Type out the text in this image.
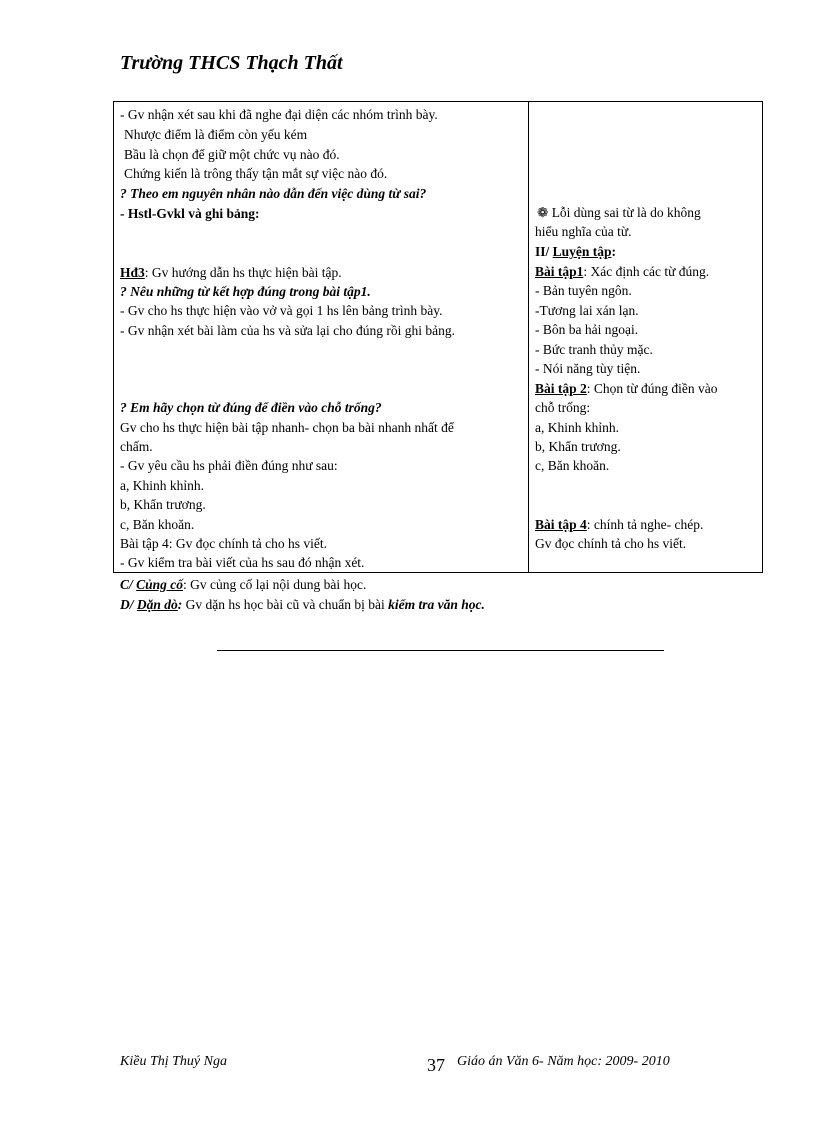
Trường THCS Thạch Thất
- Gv nhận xét sau khi đã nghe đại diện các nhóm trình bày.
Nhược điểm là điểm còn yếu kém
Bầu là chọn để giữ một chức vụ nào đó.
Chứng kiến là trông thấy tận mắt sự việc nào đó.
? Theo em nguyên nhân nào dẫn đến việc dùng từ sai?
- Hstl-Gvkl và ghi bảng:
Hđ3: Gv hướng dẫn hs thực hiện bài tập.
? Nêu những từ kết hợp đúng trong bài tập1.
- Gv cho hs thực hiện vào vở và gọi 1 hs lên bảng trình bày.
- Gv nhận xét bài làm của hs và sửa lại cho đúng rồi ghi bảng.
? Em hãy chọn từ đúng để điền vào chỗ trống?
Gv cho hs thực hiện bài tập nhanh- chọn ba bài nhanh nhất để
chấm.
- Gv yêu cầu hs phải điền đúng như sau:
a, Khinh khỉnh.
b, Khẩn trương.
c, Băn khoăn.
Bài tập 4: Gv đọc chính tả cho hs viết.
- Gv kiểm tra bài viết của hs sau đó nhận xét.
❁ Lỗi dùng sai từ là do không
hiểu nghĩa của từ.
II/ Luyện tập:
Bài tập1: Xác định các từ đúng.
- Bản tuyên ngôn.
-Tương lai xán lạn.
- Bôn ba hải ngoại.
- Bức tranh thủy mặc.
- Nói năng tùy tiện.
Bài tập 2: Chọn từ đúng điền vào
chỗ trống:
a, Khinh khỉnh.
b, Khẩn trương.
c, Băn khoăn.
Bài tập 4: chính tả nghe- chép.
Gv đọc chính tả cho hs viết.
C/ Củng cố: Gv củng cố lại nội dung bài học.
D/ Dặn dò: Gv dặn hs học bài cũ và chuẩn bị bài kiểm tra văn học.
Kiều Thị Thuý Nga	37 Giáo án Văn 6- Năm học: 2009- 2010
